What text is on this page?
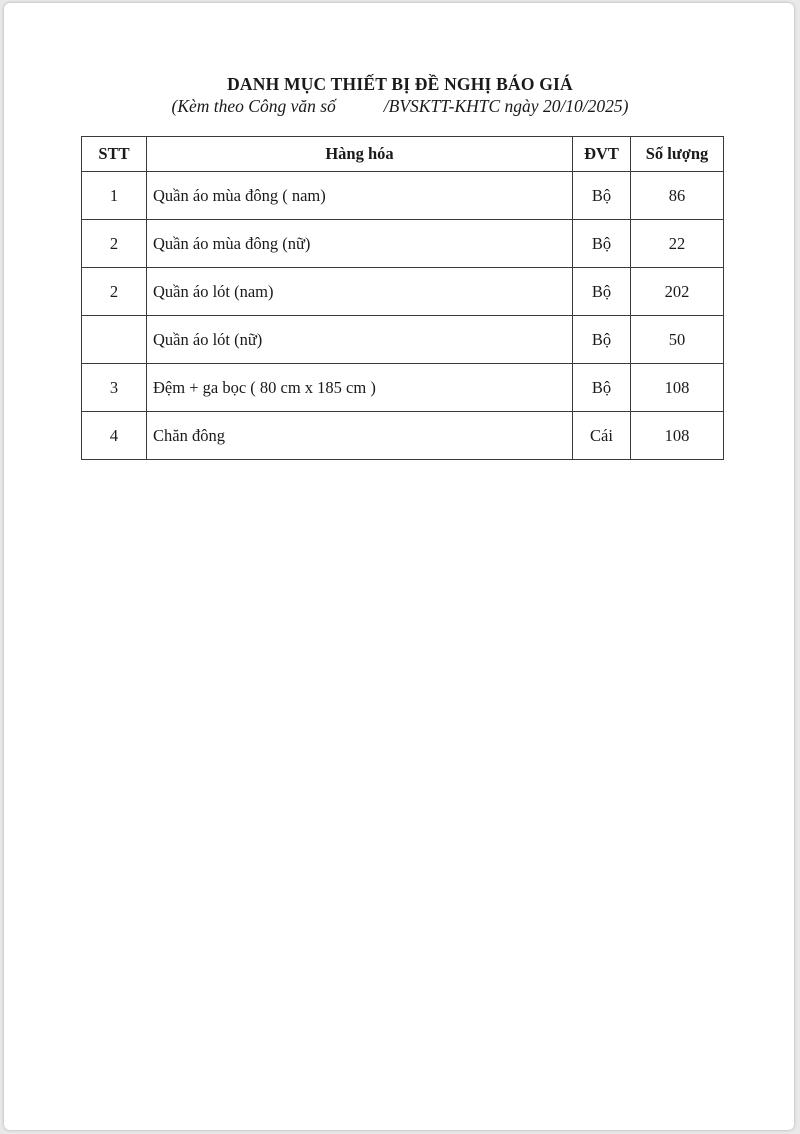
DANH MỤC THIẾT BỊ ĐỀ NGHỊ BÁO GIÁ
(Kèm theo Công văn số	/BVSKTT-KHTC ngày 20/10/2025)
STT	Hàng hóa	ĐVT	Số lượng
1	Quần áo mùa đông ( nam)	Bộ	86
2	Quần áo mùa đông (nữ)	Bộ	22
2	Quần áo lót (nam)	Bộ	202
	Quần áo lót (nữ)	Bộ	50
3	Đệm + ga bọc ( 80 cm x 185 cm )	Bộ	108
4	Chăn đông	Cái	108
